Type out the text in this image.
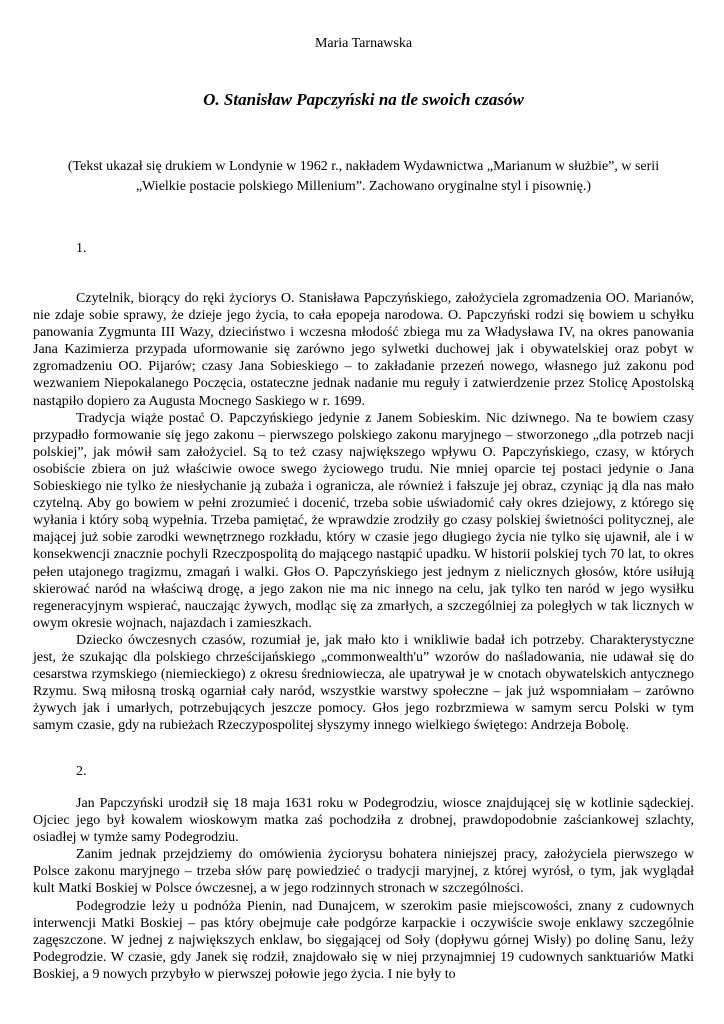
Maria Tarnawska
O. Stanisław Papczyński na tle swoich czasów

(Tekst ukazał się drukiem w Londynie w 1962 r., nakładem Wydawnictwa „Marianum w służbie”, w serii

„Wielkie postacie polskiego Millenium”. Zachowano oryginalne styl i pisownię.)

1.

Czytelnik, biorący do ręki życiorys O. Stanisława Papczyńskiego, założyciela zgromadzenia OO. Marianów, nie zdaje sobie sprawy, że dzieje jego życia, to cała epopeja narodowa. O. Papczyński rodzi się bowiem u schyłku panowania Zygmunta III Wazy, dzieciństwo i wczesna młodość zbiega mu za Władysława IV, na okres panowania Jana Kazimierza przypada uformowanie się zarówno jego sylwetki duchowej jak i obywatelskiej oraz pobyt w zgromadzeniu OO. Pijarów; czasy Jana Sobieskiego – to zakładanie przezeń nowego, własnego już zakonu pod wezwaniem Niepokalanego Poczęcia, ostateczne jednak nadanie mu reguły i zatwierdzenie przez Stolicę Apostolską nastąpiło dopiero za Augusta Mocnego Saskiego w r. 1699.

Tradycja wiąże postać O. Papczyńskiego jedynie z Janem Sobieskim. Nic dziwnego. Na te bowiem czasy przypadło formowanie się jego zakonu – pierwszego polskiego zakonu maryjnego – stworzonego „dla potrzeb nacji polskiej”, jak mówił sam założyciel. Są to też czasy największego wpływu O. Papczyńskiego, czasy, w których osobiście zbiera on już właściwie owoce swego życiowego trudu. Nie mniej oparcie tej postaci jedynie o Jana Sobieskiego nie tylko że niesłychanie ją zubaża i ogranicza, ale również i fałszuje jej obraz, czyniąc ją dla nas mało czytelną. Aby go bowiem w pełni zrozumieć i docenić, trzeba sobie uświadomić cały okres dziejowy, z którego się wyłania i który sobą wypełnia. Trzeba pamiętać, że wprawdzie zrodziły go czasy polskiej świetności politycznej, ale mającej już sobie zarodki wewnętrznego rozkładu, który w czasie jego długiego życia nie tylko się ujawnił, ale i w konsekwencji znacznie pochyli Rzeczpospolitą do mającego nastąpić upadku. W historii polskiej tych 70 lat, to okres pełen utajonego tragizmu, zmagań i walki. Głos O. Papczyńskiego jest jednym z nielicznych głosów, które usiłują skierować naród na właściwą drogę, a jego zakon nie ma nic innego na celu, jak tylko ten naród w jego wysiłku regeneracyjnym wspierać, nauczając żywych, modląc się za zmarłych, a szczególniej za poległych w tak licznych w owym okresie wojnach, najazdach i zamieszkach.

Dziecko ówczesnych czasów, rozumiał je, jak mało kto i wnikliwie badał ich potrzeby. Charakterystyczne jest, że szukając dla polskiego chrześcijańskiego „commonwealth'u” wzorów do naśladowania, nie udawał się do cesarstwa rzymskiego (niemieckiego) z okresu średniowiecza, ale upatrywał je w cnotach obywatelskich antycznego Rzymu. Swą miłosną troską ogarniał cały naród, wszystkie warstwy społeczne – jak już wspomniałam – zarówno żywych jak i umarłych, potrzebujących jeszcze pomocy. Głos jego rozbrzmiewa w samym sercu Polski w tym samym czasie, gdy na rubieżach Rzeczypospolitej słyszymy innego wielkiego świętego: Andrzeja Bobolę.

2.

Jan Papczyński urodził się 18 maja 1631 roku w Podegrodziu, wiosce znajdującej się w kotlinie sądeckiej. Ojciec jego był kowalem wioskowym matka zaś pochodziła z drobnej, prawdopodobnie zaściankowej szlachty, osiadłej w tymże samy Podegrodziu.

Zanim jednak przejdziemy do omówienia życiorysu bohatera niniejszej pracy, założyciela pierwszego w Polsce zakonu maryjnego – trzeba słów parę powiedzieć o tradycji maryjnej, z której wyrósł, o tym, jak wyglądał kult Matki Boskiej w Polsce ówczesnej, a w jego rodzinnych stronach w szczególności.

Podegrodzie leży u podnóża Pienin, nad Dunajcem, w szerokim pasie miejscowości, znany z cudownych interwencji Matki Boskiej – pas który obejmuje całe podgórze karpackie i oczywiście swoje enklawy szczególnie zagęszczone. W jednej z największych enklaw, bo sięgającej od Soły (dopływu górnej Wisły) po dolinę Sanu, leży Podegrodzie. W czasie, gdy Janek się rodził, znajdowało się w niej przynajmniej 19 cudownych sanktuariów Matki Boskiej, a 9 nowych przybyło w pierwszej połowie jego życia. I nie były to
